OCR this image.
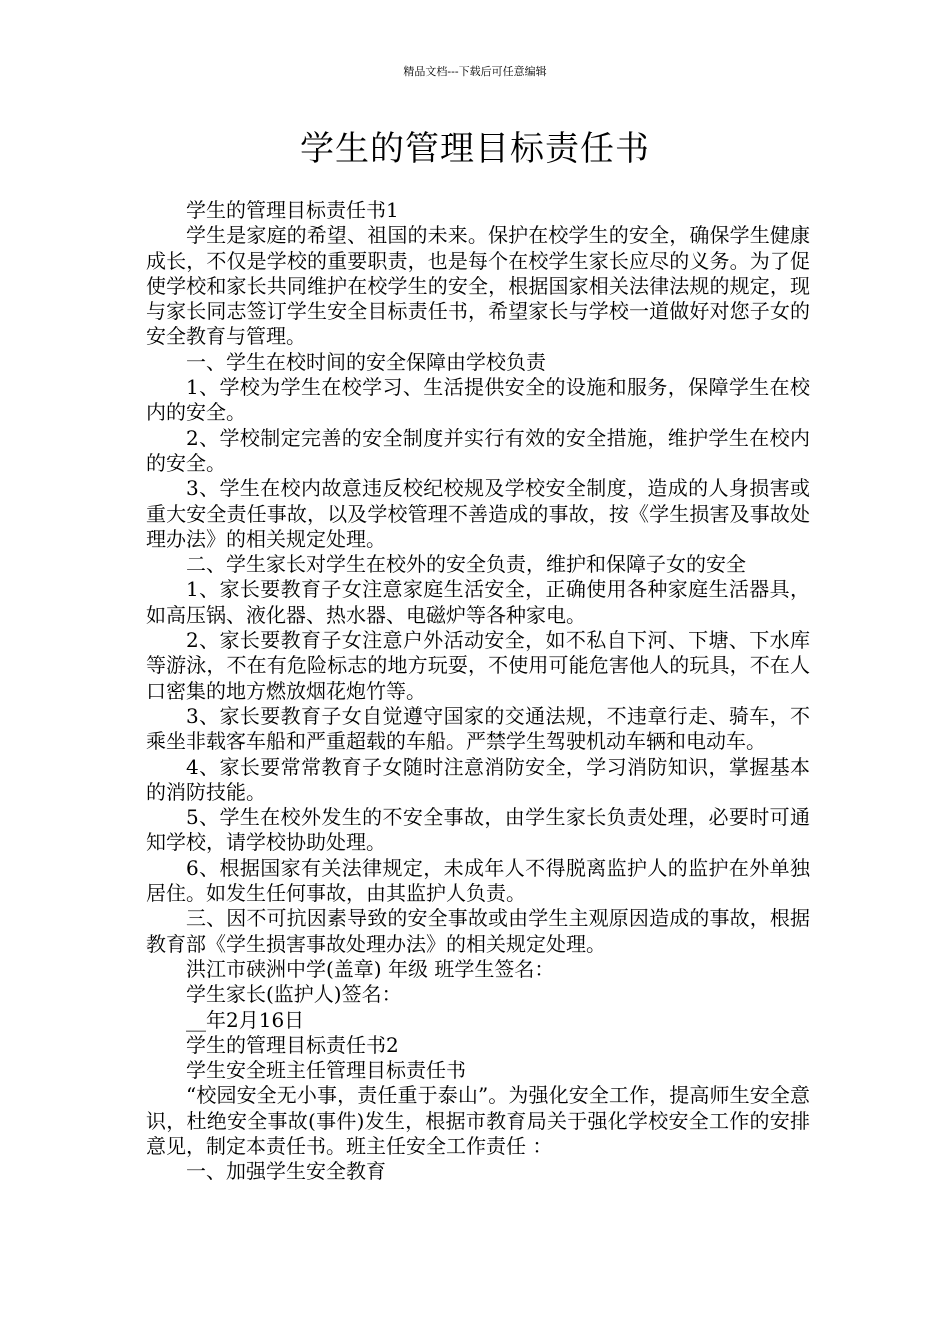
精品文档---下载后可任意编辑
学生的管理目标责任书

学生的管理目标责任书1

学生是家庭的希望、祖国的未来。保护在校学生的安全，确保学生健康成长，不仅是学校的重要职责，也是每个在校学生家长应尽的义务。为了促使学校和家长共同维护在校学生的安全，根据国家相关法律法规的规定，现与家长同志签订学生安全目标责任书，希望家长与学校一道做好对您子女的安全教育与管理。

一、学生在校时间的安全保障由学校负责

1、学校为学生在校学习、生活提供安全的设施和服务，保障学生在校内的安全。

2、学校制定完善的安全制度并实行有效的安全措施，维护学生在校内的安全。

3、学生在校内故意违反校纪校规及学校安全制度，造成的人身损害或重大安全责任事故，以及学校管理不善造成的事故，按《学生损害及事故处理办法》的相关规定处理。

二、学生家长对学生在校外的安全负责，维护和保障子女的安全

1、家长要教育子女注意家庭生活安全，正确使用各种家庭生活器具，如高压锅、液化器、热水器、电磁炉等各种家电。

2、家长要教育子女注意户外活动安全，如不私自下河、下塘、下水库等游泳，不在有危险标志的地方玩耍，不使用可能危害他人的玩具，不在人口密集的地方燃放烟花炮竹等。

3、家长要教育子女自觉遵守国家的交通法规，不违章行走、骑车，不乘坐非载客车船和严重超载的车船。严禁学生驾驶机动车辆和电动车。

4、家长要常常教育子女随时注意消防安全，学习消防知识，掌握基本的消防技能。

5、学生在校外发生的不安全事故，由学生家长负责处理，必要时可通知学校，请学校协助处理。

6、根据国家有关法律规定，未成年人不得脱离监护人的监护在外单独居住。如发生任何事故，由其监护人负责。

三、因不可抗因素导致的安全事故或由学生主观原因造成的事故，根据教育部《学生损害事故处理办法》的相关规定处理。

洪江市硖洲中学(盖章) 年级 班学生签名：

学生家长(监护人)签名：

__年2月16日

学生的管理目标责任书2

学生安全班主任管理目标责任书

“校园安全无小事，责任重于泰山”。为强化安全工作，提高师生安全意识，杜绝安全事故(事件)发生，根据市教育局关于强化学校安全工作的安排意见，制定本责任书。班主任安全工作责任 ：

一、加强学生安全教育
